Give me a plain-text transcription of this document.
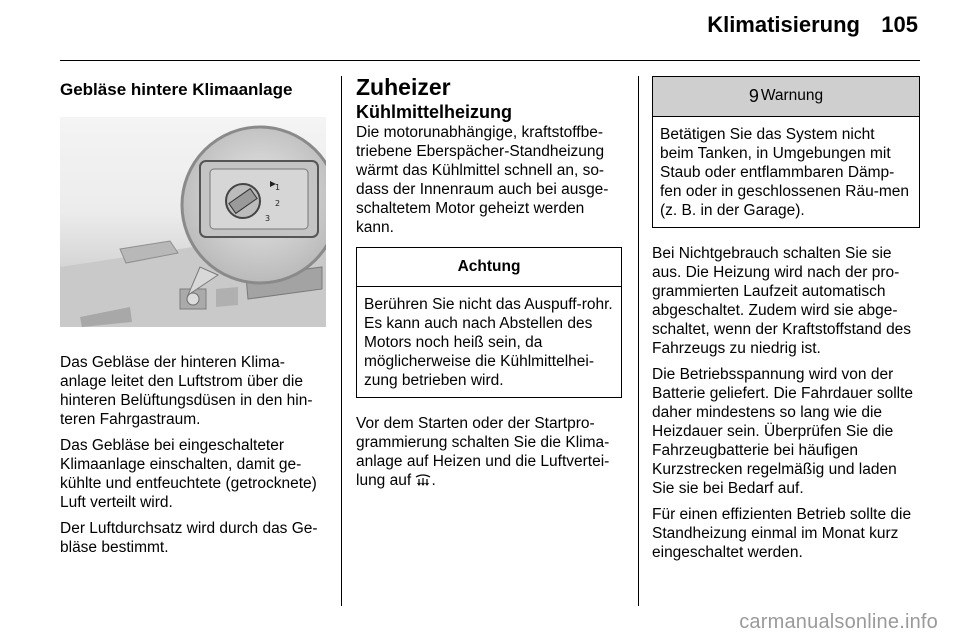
Klimatisierung 105
Gebläse hintere Klimaanlage
1
2
3

Das Gebläse der hinteren Klima-anlage leitet den Luftstrom über die hinteren Belüftungsdüsen in den hin-teren Fahrgastraum.

Das Gebläse bei eingeschalteter Klimaanlage einschalten, damit ge-kühlte und entfeuchtete (getrocknete) Luft verteilt wird.

Der Luftdurchsatz wird durch das Ge-bläse bestimmt.

Zuheizer
Kühlmittelheizung

Die motorunabhängige, kraftstoffbe-triebene Eberspächer-Standheizung wärmt das Kühlmittel schnell an, so-dass der Innenraum auch bei ausge-schaltetem Motor geheizt werden kann.

Achtung
Berühren Sie nicht das Auspuff-rohr. Es kann auch nach Abstellen des Motors noch heiß sein, da möglicherweise die Kühlmittelhei-zung betrieben wird.

Vor dem Starten oder der Startpro-grammierung schalten Sie die Klima-anlage auf Heizen und die Luftvertei-lung auf .

9 Warnung
Betätigen Sie das System nicht beim Tanken, in Umgebungen mit Staub oder entflammbaren Dämp-fen oder in geschlossenen Räu-men (z. B. in der Garage).

Bei Nichtgebrauch schalten Sie sie aus. Die Heizung wird nach der pro-grammierten Laufzeit automatisch abgeschaltet. Zudem wird sie abge-schaltet, wenn der Kraftstoffstand des Fahrzeugs zu niedrig ist.

Die Betriebsspannung wird von der Batterie geliefert. Die Fahrdauer sollte daher mindestens so lang wie die Heizdauer sein. Überprüfen Sie die Fahrzeugbatterie bei häufigen Kurzstrecken regelmäßig und laden Sie sie bei Bedarf auf.

Für einen effizienten Betrieb sollte die Standheizung einmal im Monat kurz eingeschaltet werden.

carmanualsonline.info
